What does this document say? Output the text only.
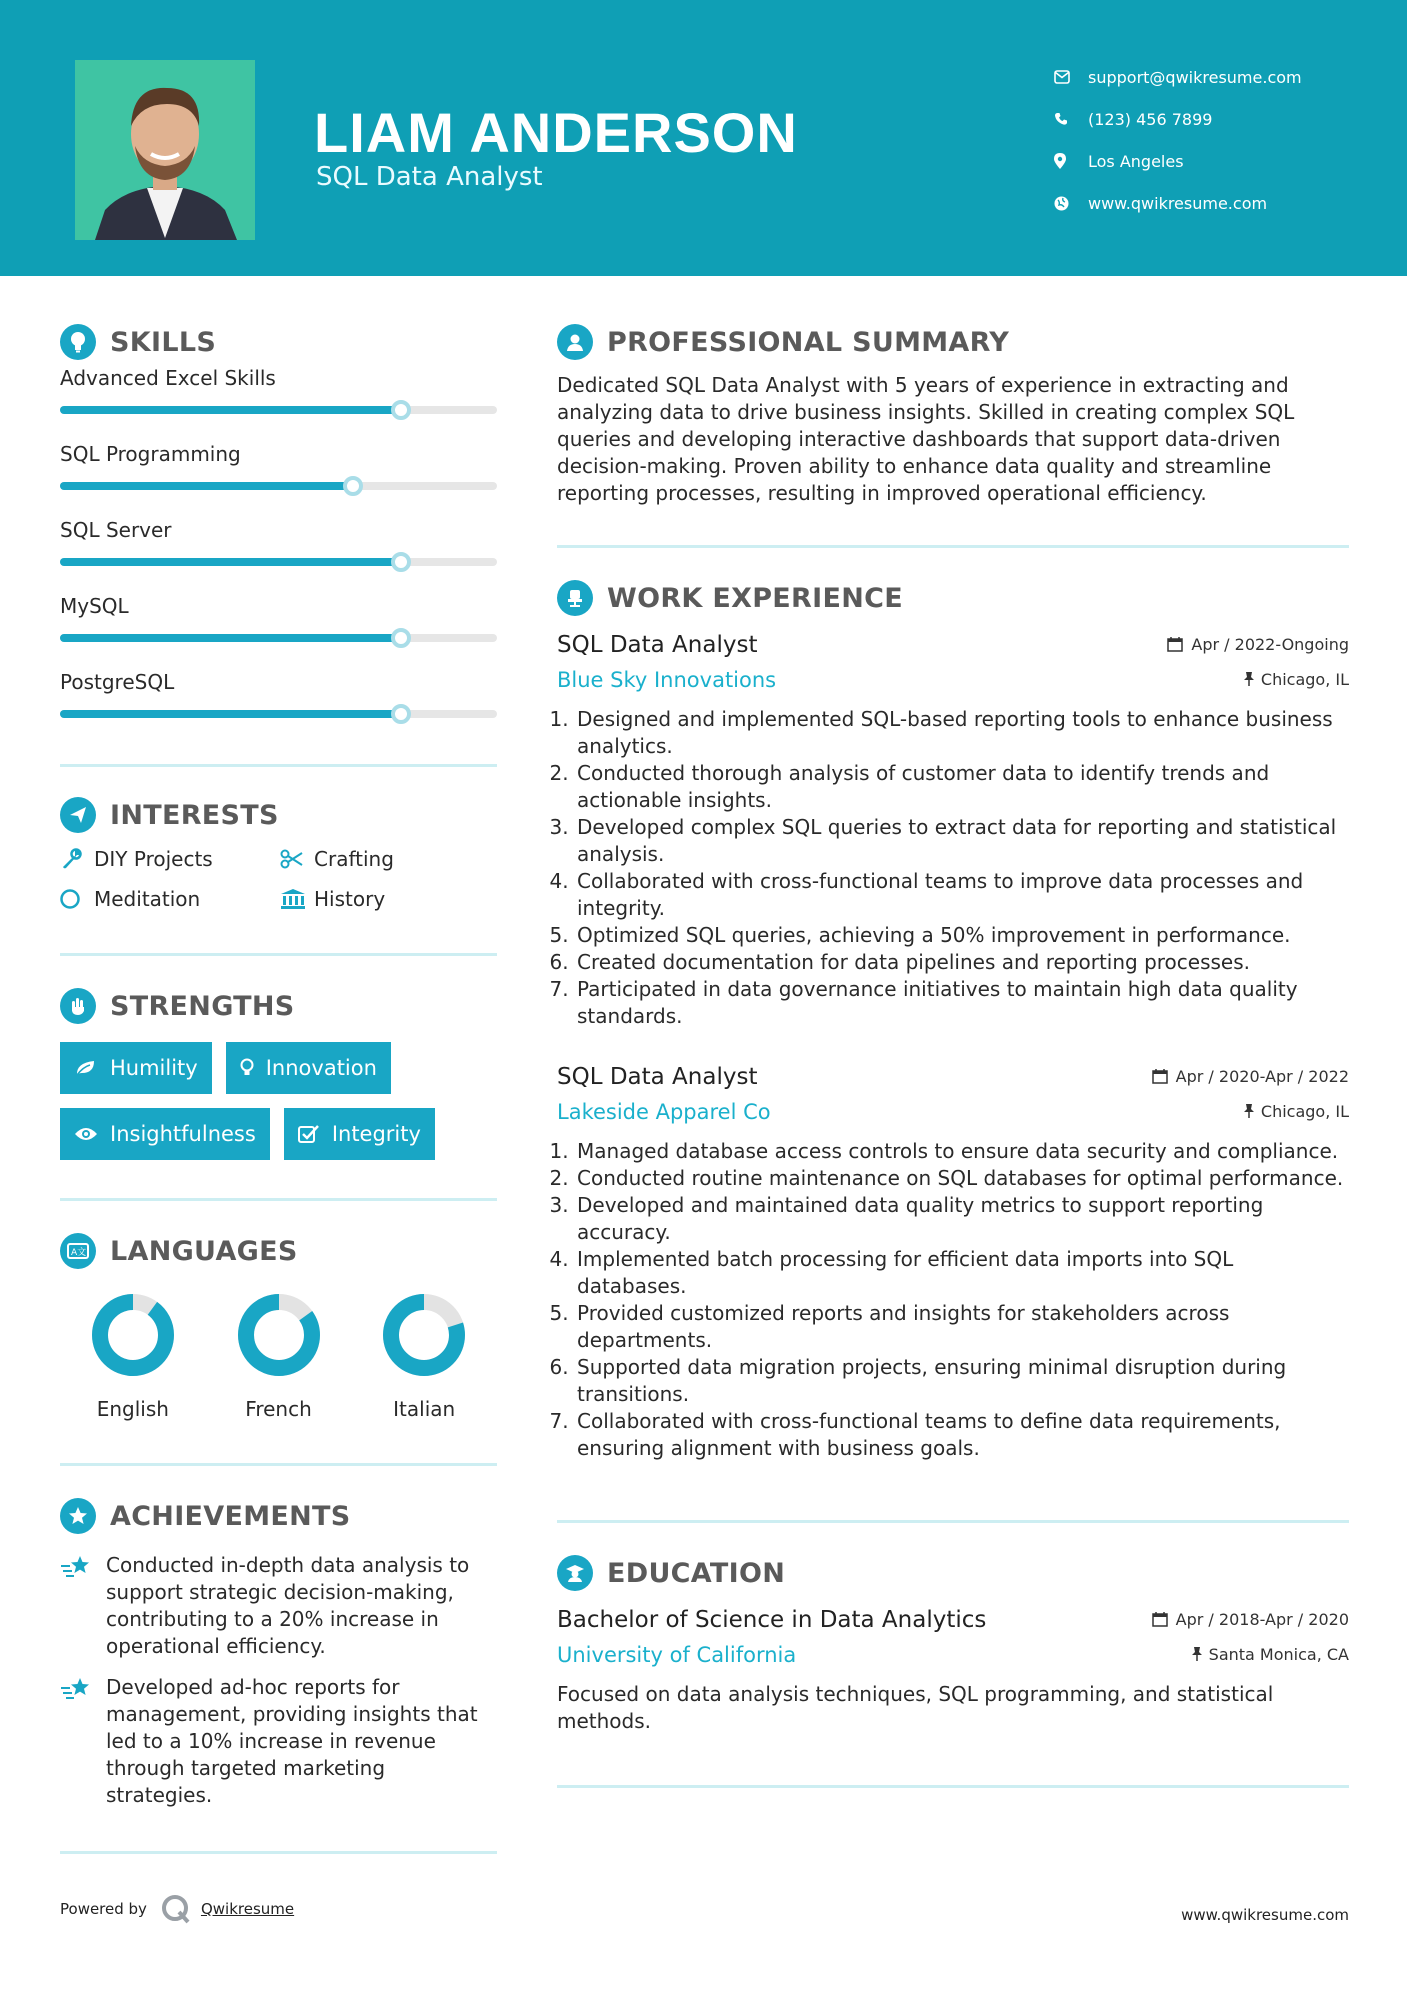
LIAM ANDERSON
SQL Data Analyst
support@qwikresume.com
(123) 456 7899
Los Angeles
www.qwikresume.com
SKILLS
Advanced Excel Skills
SQL Programming
SQL Server
MySQL
PostgreSQL
INTERESTS
DIY Projects	Crafting
Meditation	History
STRENGTHS
Humility	Innovation
Insightfulness	Integrity
A文 LANGUAGES
English	French	Italian
ACHIEVEMENTS
Conducted in-depth data analysis to support strategic decision-making, contributing to a 20% increase in operational efficiency.
Developed ad-hoc reports for management, providing insights that led to a 10% increase in revenue through targeted marketing strategies.
PROFESSIONAL SUMMARY

Dedicated SQL Data Analyst with 5 years of experience in extracting and analyzing data to drive business insights. Skilled in creating complex SQL queries and developing interactive dashboards that support data-driven decision-making. Proven ability to enhance data quality and streamline reporting processes, resulting in improved operational efficiency.

WORK EXPERIENCE
SQL Data Analyst	Apr / 2022-Ongoing
Blue Sky Innovations	Chicago, IL
1. Designed and implemented SQL-based reporting tools to enhance business analytics.
2. Conducted thorough analysis of customer data to identify trends and actionable insights.
3. Developed complex SQL queries to extract data for reporting and statistical analysis.
4. Collaborated with cross-functional teams to improve data processes and integrity.
5. Optimized SQL queries, achieving a 50% improvement in performance.
6. Created documentation for data pipelines and reporting processes.
7. Participated in data governance initiatives to maintain high data quality standards.
SQL Data Analyst	Apr / 2020-Apr / 2022
Lakeside Apparel Co	Chicago, IL
1. Managed database access controls to ensure data security and compliance.
2. Conducted routine maintenance on SQL databases for optimal performance.
3. Developed and maintained data quality metrics to support reporting accuracy.
4. Implemented batch processing for efficient data imports into SQL databases.
5. Provided customized reports and insights for stakeholders across departments.
6. Supported data migration projects, ensuring minimal disruption during transitions.
7. Collaborated with cross-functional teams to define data requirements, ensuring alignment with business goals.
EDUCATION
Bachelor of Science in Data Analytics	Apr / 2018-Apr / 2020
University of California	Santa Monica, CA

Focused on data analysis techniques, SQL programming, and statistical methods.

Powered by	Qwikresume	www.qwikresume.com
